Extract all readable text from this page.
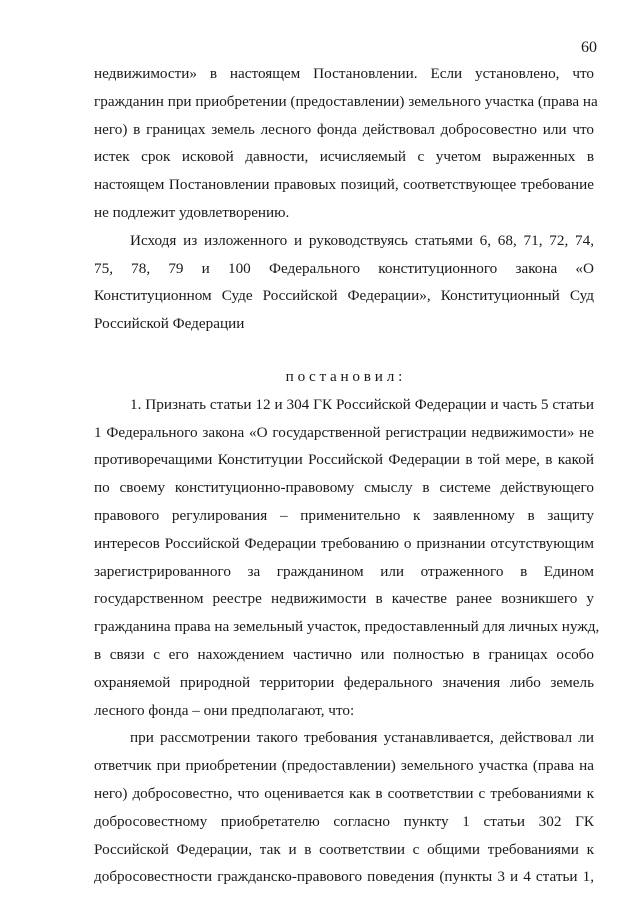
60
недвижимости» в настоящем Постановлении. Если установлено, что
гражданин при приобретении (предоставлении) земельного участка (права на
него) в границах земель лесного фонда действовал добросовестно или что
истек срок исковой давности, исчисляемый с учетом выраженных в
настоящем Постановлении правовых позиций, соответствующее требование
не подлежит удовлетворению.
Исходя из изложенного и руководствуясь статьями 6, 68, 71, 72, 74,
75, 78, 79 и 100 Федерального конституционного закона «О
Конституционном Суде Российской Федерации», Конституционный Суд
Российской Федерации
п о с т а н о в и л :
1. Признать статьи 12 и 304 ГК Российской Федерации и часть 5 статьи
1 Федерального закона «О государственной регистрации недвижимости» не
противоречащими Конституции Российской Федерации в той мере, в какой
по своему конституционно-правовому смыслу в системе действующего
правового регулирования – применительно к заявленному в защиту
интересов Российской Федерации требованию о признании отсутствующим
зарегистрированного за гражданином или отраженного в Едином
государственном реестре недвижимости в качестве ранее возникшего у
гражданина права на земельный участок, предоставленный для личных нужд,
в связи с его нахождением частично или полностью в границах особо
охраняемой природной территории федерального значения либо земель
лесного фонда – они предполагают, что:
при рассмотрении такого требования устанавливается, действовал ли
ответчик при приобретении (предоставлении) земельного участка (права на
него) добросовестно, что оценивается как в соответствии с требованиями к
добросовестному приобретателю согласно пункту 1 статьи 302 ГК
Российской Федерации, так и в соответствии с общими требованиями к
добросовестности гражданско-правового поведения (пункты 3 и 4 статьи 1,
